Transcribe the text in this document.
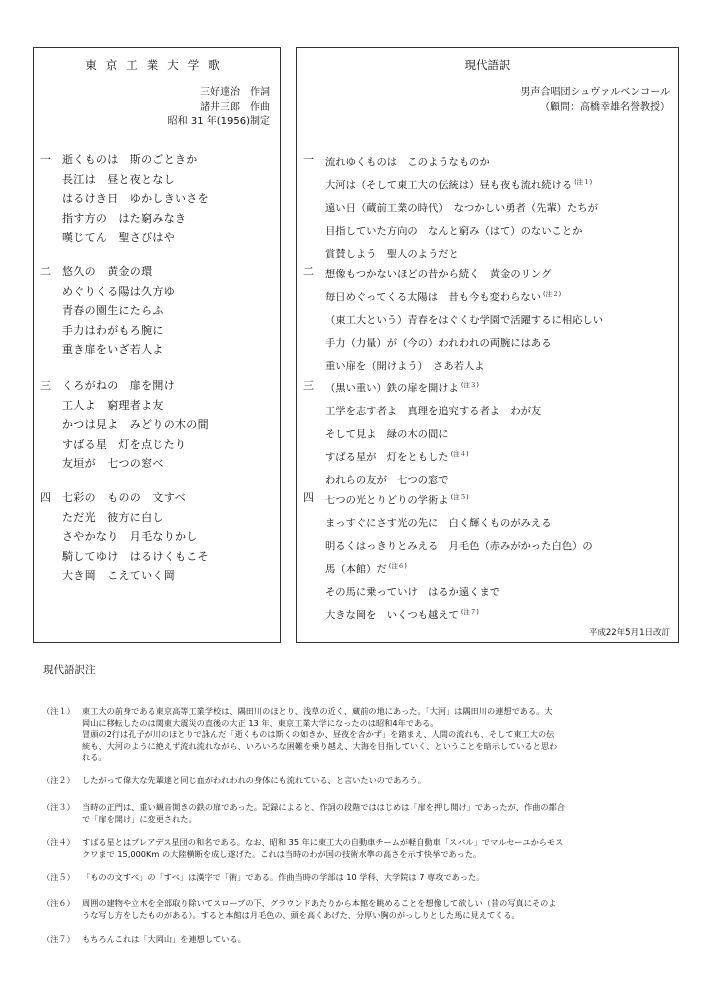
東京工業大学歌
三好達治　作詞
諸井三郎　作曲
昭和 31 年(1956)制定
一 逝くものは　斯のごときか
長江は　昼と夜となし
はるけき日　ゆかしきいさを
指す方の　はた窮みなき
嘆じてん　聖さびはや
二 悠久の　黄金の環
めぐりくる陽は久方ゆ
青春の園生にたらふ
手力はわがもろ腕に
重き扉をいざ若人よ
三 くろがねの　扉を開け
工人よ　窮理者よ友
かつは見よ　みどりの木の間
すばる星　灯を点じたり
友垣が　七つの窓べ
四 七彩の　ものの　文すべ
ただ光　彼方に白し
さやかなり　月毛なりかし
騎してゆけ　はるけくもこそ
大き岡　こえていく岡
現代語訳
男声合唱団シュヴァルベンコール
（顧問：高橋幸雄名誉教授）
一 流れゆくものは　このようなものか
大河は（そして東工大の伝統は）昼も夜も流れ続ける $^{(注1)}$
遠い日（蔵前工業の時代）　なつかしい勇者（先輩）たちが
目指していた方向の　なんと窮み（はて）のないことか
賞賛しよう　聖人のようだと
二 想像もつかないほどの昔から続く　黄金のリング
毎日めぐってくる太陽は　昔も今も変わらない $^{(注2)}$
（東工大という）青春をはぐくむ学園で活躍するに相応しい
手力（力量）が（今の）われわれの両腕にはある
重い扉を（開けよう）　さあ若人よ
三 （黒い重い）鉄の扉を開けよ $^{(注3)}$
工学を志す者よ　真理を追究する者よ　わが友
そして見よ　緑の木の間に
すばる星が　灯をともした $^{(注4)}$
われらの友が　七つの窓で
四 七つの光とりどりの学術よ $^{(注5)}$
まっすぐにさす光の先に　白く輝くものがみえる
明るくはっきりとみえる　月毛色（赤みがかった白色）の
馬（本館）だ $^{(注6)}$
その馬に乗っていけ　はるか遠くまで
大きな岡を　いくつも越えて $^{(注7)}$
平成22年5月1日改訂
現代語訳注
（注１） 東工大の前身である東京高等工業学校は、隅田川のほとり、浅草の近く、蔵前の地にあった。「大河」は隅田川の連想である。大
岡山に移転したのは関東大震災の直後の大正 13 年、東京工業大学になったのは昭和4年である。
冒頭の2行は孔子が川のほとりで詠んだ「逝くものは斯くの如きか、昼夜を舎かず」を踏まえ、人間の流れも、そして東工大の伝
統も、大河のように絶えず流れ流れながら、いろいろな困難を乗り越え、大海を目指していく、ということを暗示していると思わ
れる。
（注２） したがって偉大な先輩達と同じ血がわれわれの身体にも流れている、と言いたいのであろう。
（注３） 当時の正門は、重い観音開きの鉄の扉であった。記録によると、作詞の段階でははじめは「扉を押し開け」であったが、作曲の都合
で「扉を開け」に変更された。
（注４） すばる星とはプレアデス星団の和名である。なお、昭和 35 年に東工大の自動車チームが軽自動車「スバル」でマルセーユからモス
クワまで 15,000Km の大陸横断を成し遂げた。これは当時のわが国の技術水準の高さを示す快挙であった。
（注５） 「ものの文すべ」の「すべ」は漢字で「術」である。作曲当時の学部は 10 学科、大学院は 7 専攻であった。
（注６） 周囲の建物や立木を全部取り除いてスロープの下、グラウンドあたりから本館を眺めることを想像して欲しい（昔の写真にそのよ
うな写し方をしたものがある）。すると本館は月毛色の、頭を高くあげた、分厚い胸のがっしりとした馬に見えてくる。
（注７） もちろんこれは「大岡山」を連想している。
